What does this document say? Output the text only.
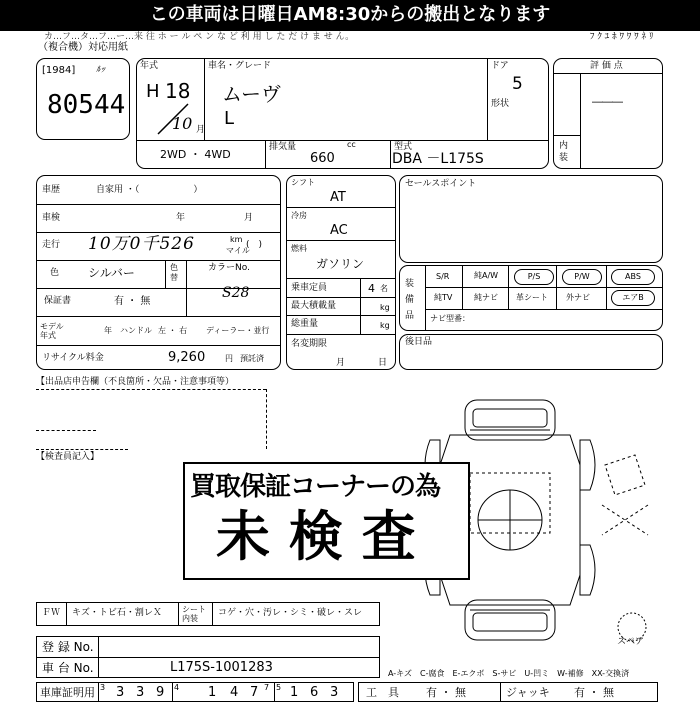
この車両は日曜日AM8:30からの搬出となります
カ…フ…タ…フ…ー…来 往 ホ ー ル ペ ン な ど 利 用 し た だ け ま せ ん。	ﾌ ｸ ﾕ ﾎ ﾜ ﾜ ﾜ ﾈ ﾘ
（複合機）対応用紙
[1984] ﾙｯ
80544
年式
H 18
10 月
車名・グレード
ムーヴ
L
ドア
5
形状
2WD ・ 4WD
排気量	cc
660
型式
DBA －L175S
評 価 点
―――
内装
車歴	自家用 ・（　　　　　　）
車検	年	月
走行 10万0千526	km
マイル
(　)
色 シルバー	色替
カラーNo.
S28
保証書	有 ・ 無
モデル年式
年 ハンドル 左 ・ 右 ディーラー・並行
リサイクル料金	9,260 円 預託済
シフト
AT
冷房
AC
燃料
ガソリン
乗車定員	4 名
最大積載量	kg
総重量	kg
名変期限
月	日
セールスポイント
装備品
S/R	純A/W	P/S	P/W	ABS
純TV	純ナビ 革シート 外ナビ	エアB
ナビ型番：
後日品
【出品店申告欄（不良箇所・欠品・注意事項等）
【検査員記入】
スペア
買取保証コーナーの為
未 検 査
ＦＷ キズ・トビ石・割レＸ	シート内装
コゲ・穴・汚レ・シミ・破レ・スレ
登 録 No.
車 台 No.	L175S-1001283
車庫証明用 3 3 3 9 4 1 4 7 7 5 1 6 3
A-キズ　C-腐食　E-エクボ　S-サビ　U-凹ミ　W-補修　XX-交換済
工　具 有 ・ 無	ジャッキ 有 ・ 無
